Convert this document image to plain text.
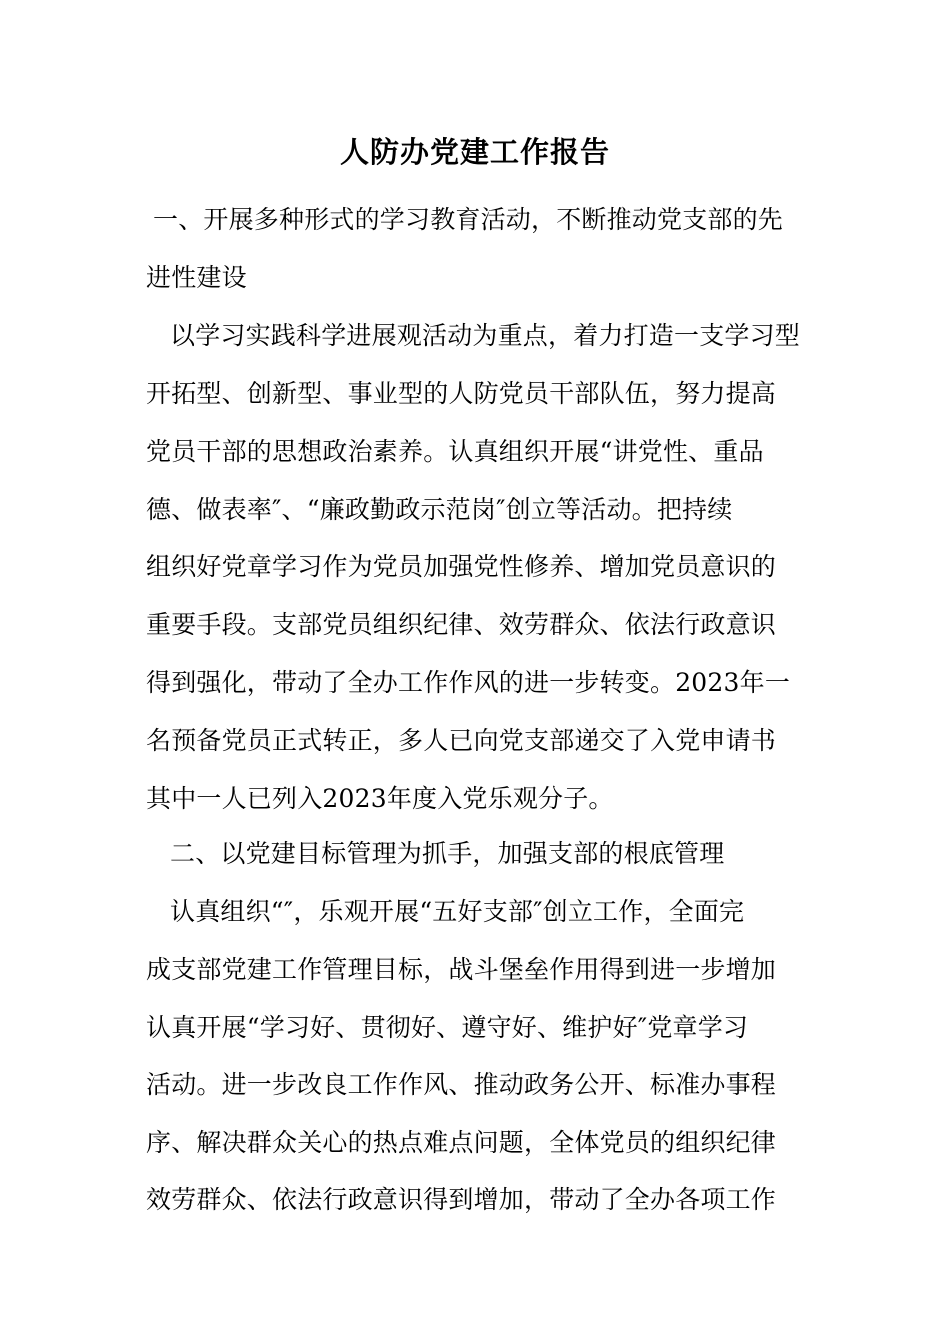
人防办党建工作报告
一、开展多种形式的学习教育活动，不断推动党支部的先
进性建设
以学习实践科学进展观活动为重点，着力打造一支学习型
开拓型、创新型、事业型的人防党员干部队伍，努力提高
党员干部的思想政治素养。认真组织开展“讲党性、重品
德、做表率″、“廉政勤政示范岗″创立等活动。把持续
组织好党章学习作为党员加强党性修养、增加党员意识的
重要手段。支部党员组织纪律、效劳群众、依法行政意识
得到强化，带动了全办工作作风的进一步转变。2023年一
名预备党员正式转正，多人已向党支部递交了入党申请书
其中一人已列入2023年度入党乐观分子。
二、以党建目标管理为抓手，加强支部的根底管理
认真组织“″，乐观开展“五好支部″创立工作，全面完
成支部党建工作管理目标，战斗堡垒作用得到进一步增加
认真开展“学习好、贯彻好、遵守好、维护好″党章学习
活动。进一步改良工作作风、推动政务公开、标准办事程
序、解决群众关心的热点难点问题，全体党员的组织纪律
效劳群众、依法行政意识得到增加，带动了全办各项工作
